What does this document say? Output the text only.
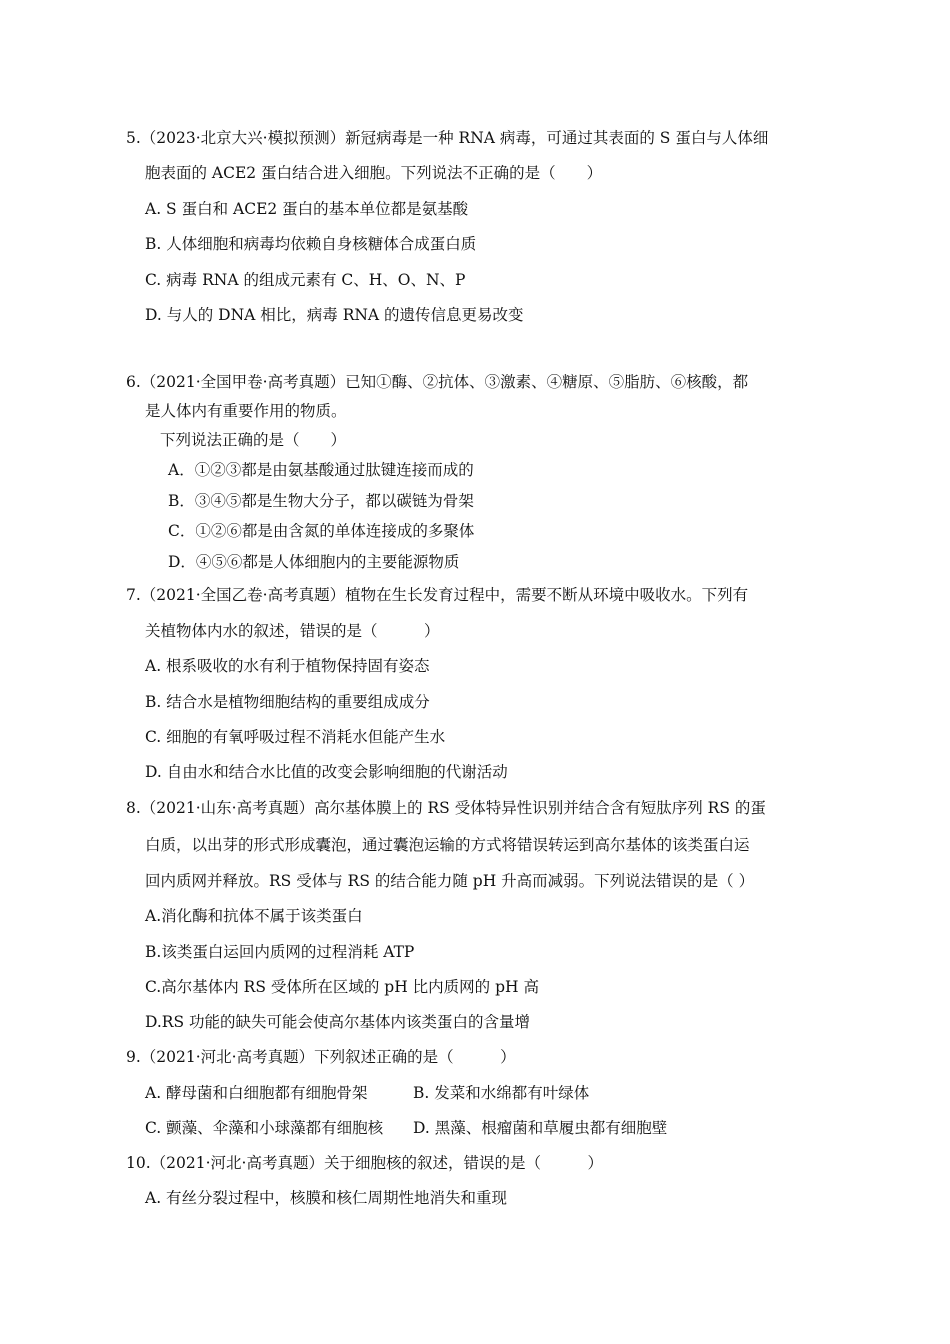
5.（2023·北京大兴·模拟预测）新冠病毒是一种 RNA 病毒，可通过其表面的 S 蛋白与人体细
胞表面的 ACE2 蛋白结合进入细胞。下列说法不正确的是（　　）
A. S 蛋白和 ACE2 蛋白的基本单位都是氨基酸
B. 人体细胞和病毒均依赖自身核糖体合成蛋白质
C. 病毒 RNA 的组成元素有 C、H、O、N、P
D. 与人的 DNA 相比，病毒 RNA 的遗传信息更易改变
6.（2021·全国甲卷·高考真题）已知①酶、②抗体、③激素、④糖原、⑤脂肪、⑥核酸，都
是人体内有重要作用的物质。
下列说法正确的是（　　）
A．①②③都是由氨基酸通过肽键连接而成的
B．③④⑤都是生物大分子，都以碳链为骨架
C．①②⑥都是由含氮的单体连接成的多聚体
D．④⑤⑥都是人体细胞内的主要能源物质
7.（2021·全国乙卷·高考真题）植物在生长发育过程中，需要不断从环境中吸收水。下列有
关植物体内水的叙述，错误的是（　　　）
A. 根系吸收的水有利于植物保持固有姿态
B. 结合水是植物细胞结构的重要组成成分
C. 细胞的有氧呼吸过程不消耗水但能产生水
D. 自由水和结合水比值的改变会影响细胞的代谢活动
8.（2021·山东·高考真题）高尔基体膜上的 RS 受体特异性识别并结合含有短肽序列 RS 的蛋
白质，以出芽的形式形成囊泡，通过囊泡运输的方式将错误转运到高尔基体的该类蛋白运
回内质网并释放。RS 受体与 RS 的结合能力随 pH 升高而减弱。下列说法错误的是（ ）
A.消化酶和抗体不属于该类蛋白
B.该类蛋白运回内质网的过程消耗 ATP
C.高尔基体内 RS 受体所在区域的 pH 比内质网的 pH 高
D.RS 功能的缺失可能会使高尔基体内该类蛋白的含量增
9.（2021·河北·高考真题）下列叙述正确的是（　　　）
A. 酵母菌和白细胞都有细胞骨架	B. 发菜和水绵都有叶绿体
C. 颤藻、伞藻和小球藻都有细胞核 D. 黑藻、根瘤菌和草履虫都有细胞壁
10.（2021·河北·高考真题）关于细胞核的叙述，错误的是（　　　）
A. 有丝分裂过程中，核膜和核仁周期性地消失和重现
